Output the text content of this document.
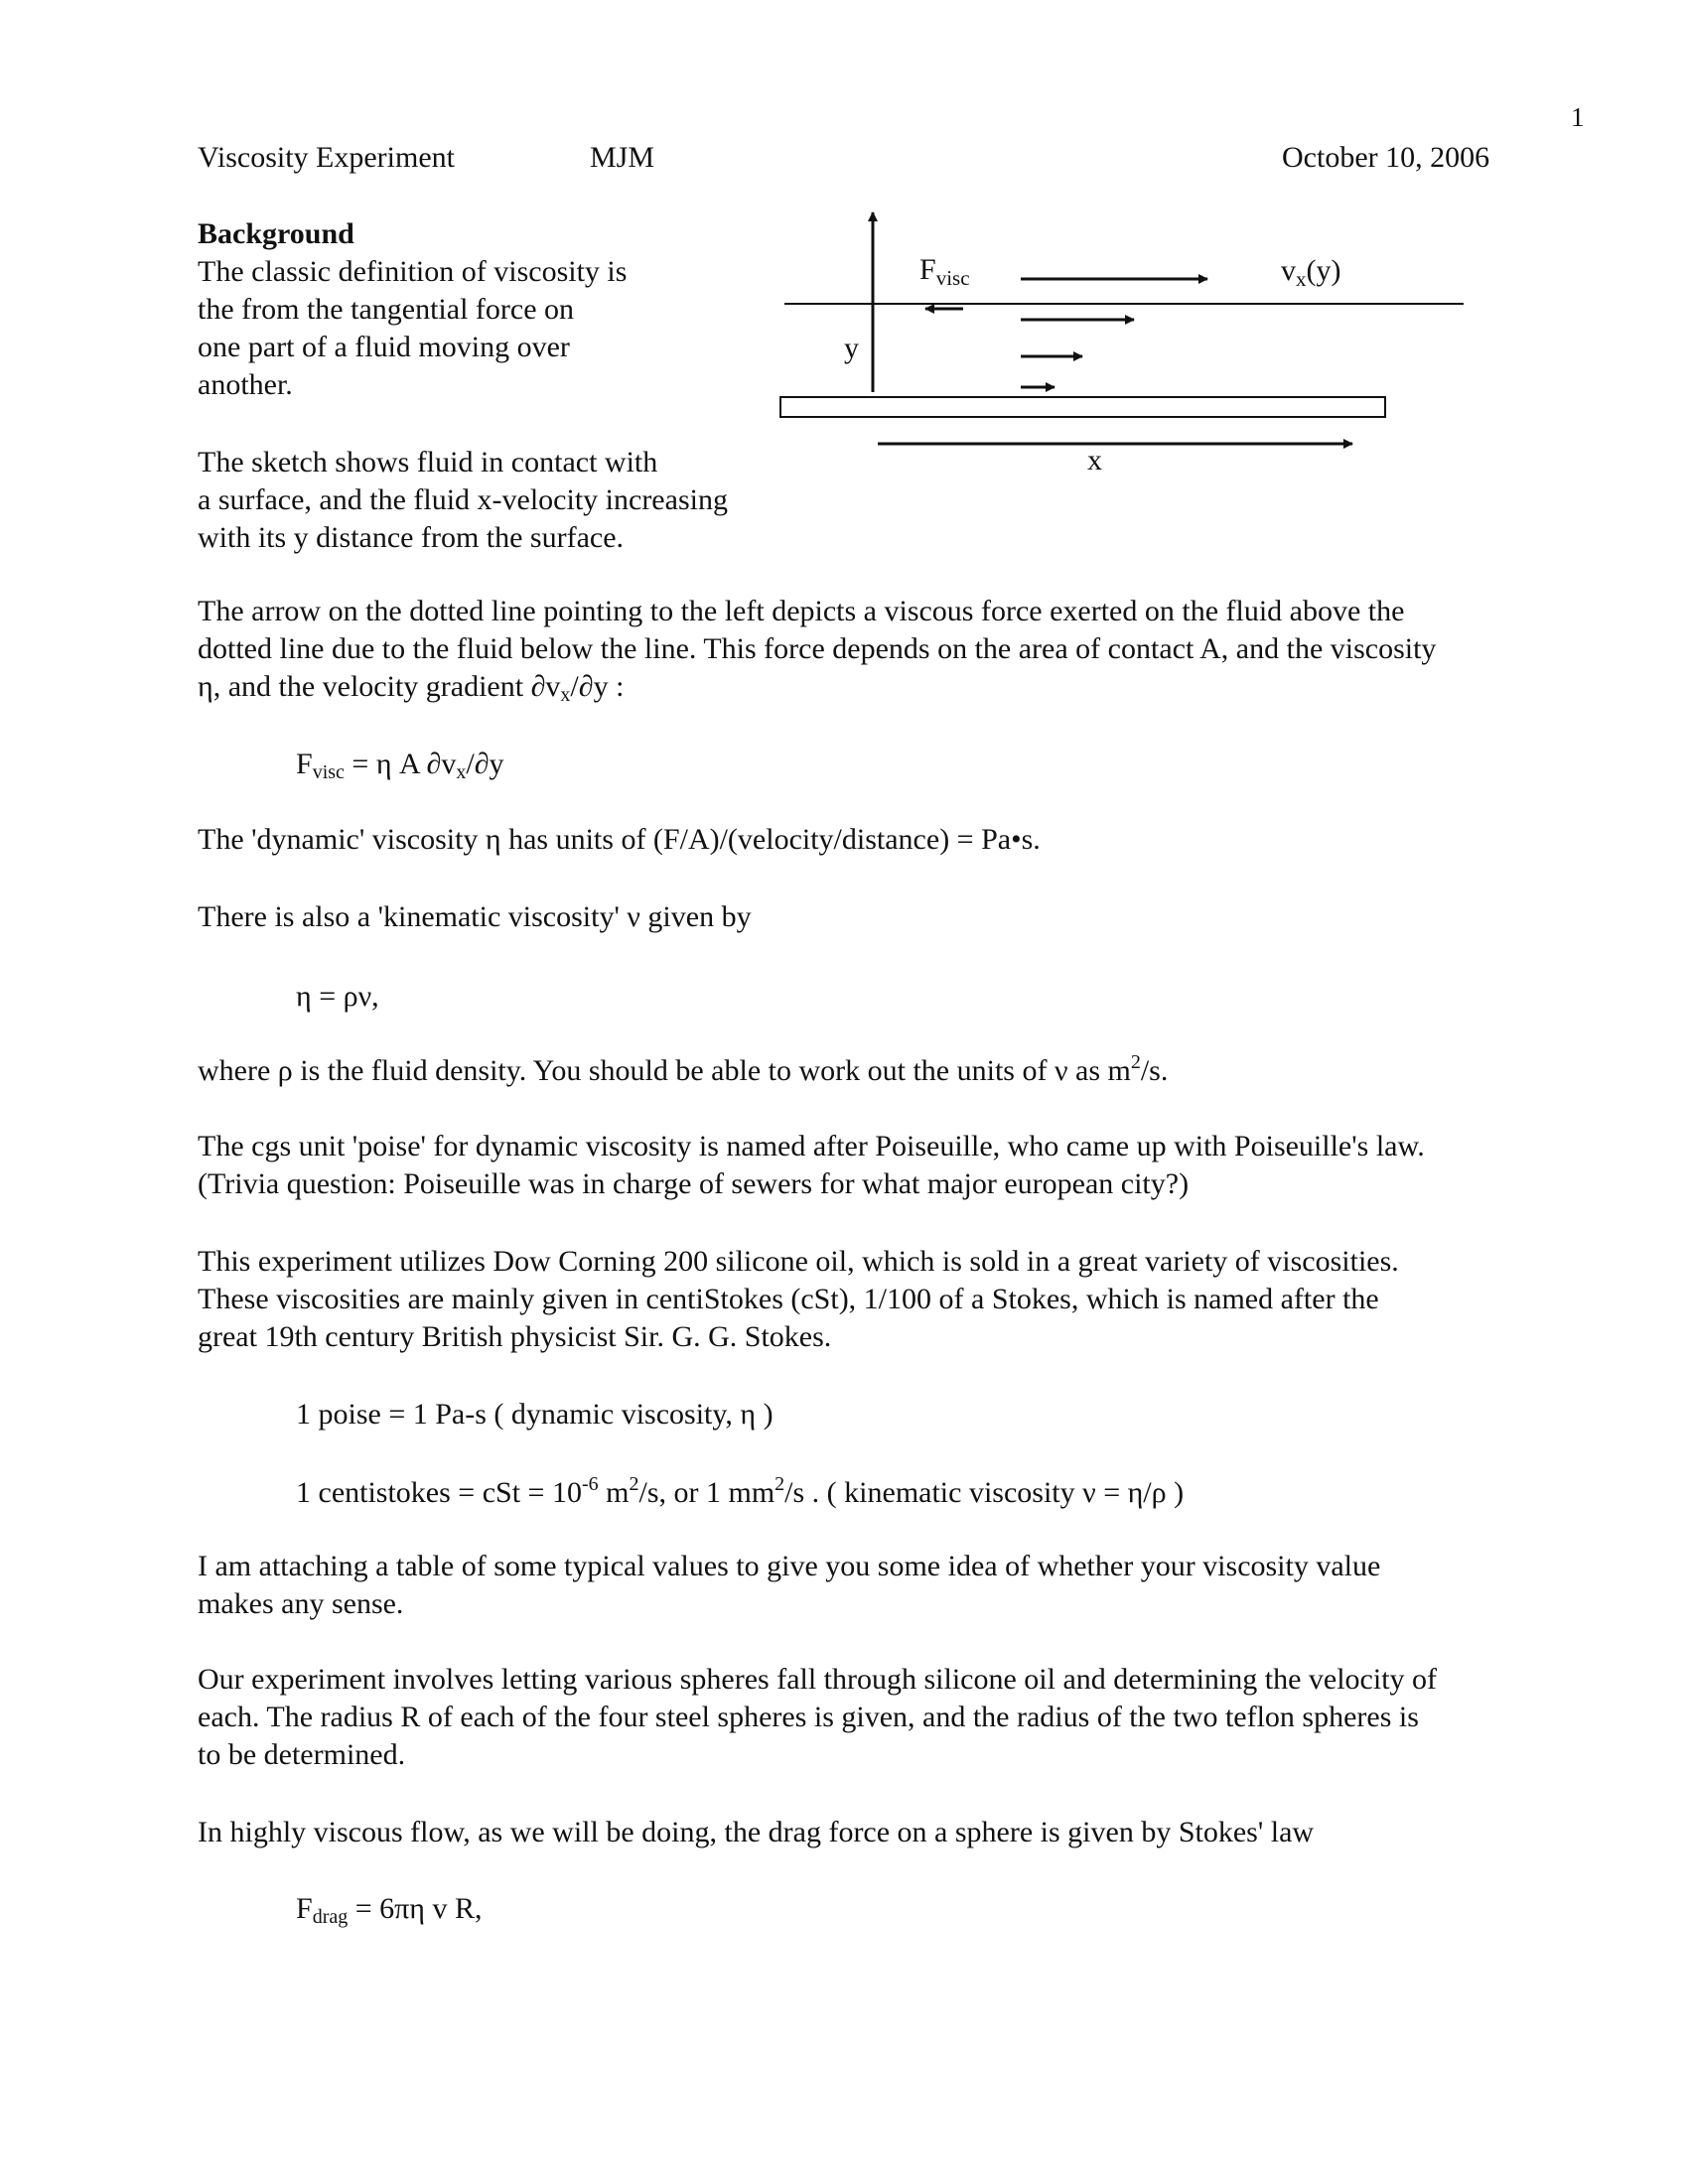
1
Viscosity Experiment	MJM	October 10, 2006
Background
The classic definition of viscosity is
the from the tangential force on
one part of a fluid moving over
another.
The sketch shows fluid in contact with
a surface, and the fluid x-velocity increasing
with its y distance from the surface.
$F_{visc}$	$v_x(y)$
y
x
The arrow on the dotted line pointing to the left depicts a viscous force exerted on the fluid above the
dotted line due to the fluid below the line. This force depends on the area of contact A, and the viscosity
η, and the velocity gradient $\partial v_x/\partial y$ :
$F_{visc} = \eta$ A $\partial v_x/\partial y$
The 'dynamic' viscosity η has units of (F/A)/(velocity/distance) = Pa•s.
There is also a 'kinematic viscosity' ν given by
η = ρν,
where ρ is the fluid density. You should be able to work out the units of ν as $m^2/s$.
The cgs unit 'poise' for dynamic viscosity is named after Poiseuille, who came up with Poiseuille's law.
(Trivia question: Poiseuille was in charge of sewers for what major european city?)
This experiment utilizes Dow Corning 200 silicone oil, which is sold in a great variety of viscosities.
These viscosities are mainly given in centiStokes (cSt), 1/100 of a Stokes, which is named after the
great 19th century British physicist Sir. G. G. Stokes.
1 poise = 1 Pa-s ( dynamic viscosity, η )
1 centistokes = cSt = $10^{-6}$ $m^2/s$, or 1 $mm^2/s$ . ( kinematic viscosity ν = η/ρ )
I am attaching a table of some typical values to give you some idea of whether your viscosity value
makes any sense.
Our experiment involves letting various spheres fall through silicone oil and determining the velocity of
each. The radius R of each of the four steel spheres is given, and the radius of the two teflon spheres is
to be determined.
In highly viscous flow, as we will be doing, the drag force on a sphere is given by Stokes' law
$F_{drag} = 6\pi\eta$ v R,
